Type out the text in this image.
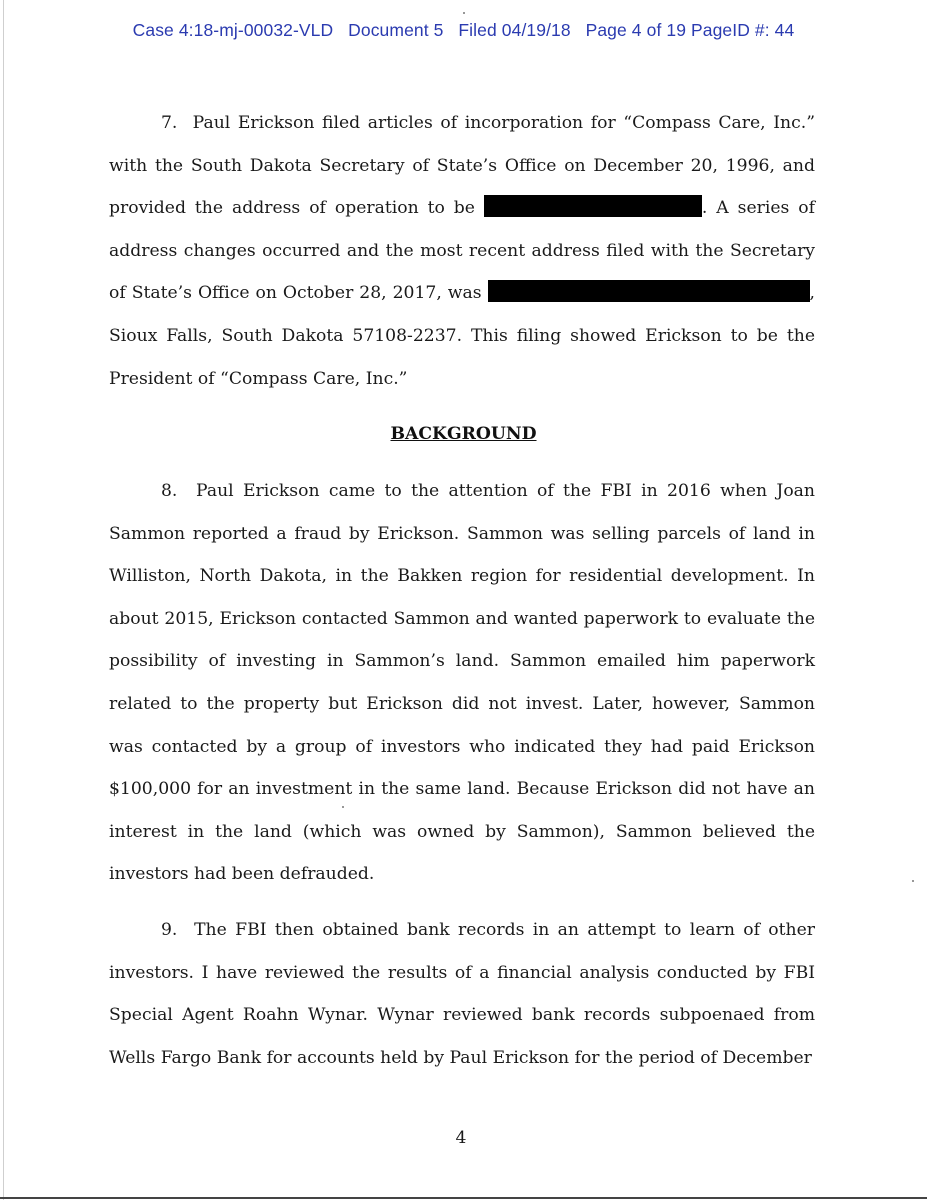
Case 4:18-mj-00032-VLD   Document 5   Filed 04/19/18   Page 4 of 19 PageID #: 44

7. Paul Erickson filed articles of incorporation for “Compass Care, Inc.” with the South Dakota Secretary of State’s Office on December 20, 1996, and provided the address of operation to be	. A series of address changes occurred and the most recent address filed with the Secretary of State’s Office on October 28, 2017, was	, Sioux Falls, South Dakota 57108-2237. This filing showed Erickson to be the President of “Compass Care, Inc.”

BACKGROUND

8. Paul Erickson came to the attention of the FBI in 2016 when Joan Sammon reported a fraud by Erickson. Sammon was selling parcels of land in Williston, North Dakota, in the Bakken region for residential development. In about 2015, Erickson contacted Sammon and wanted paperwork to evaluate the possibility of investing in Sammon’s land. Sammon emailed him paperwork related to the property but Erickson did not invest. Later, however, Sammon was contacted by a group of investors who indicated they had paid Erickson $100,000 for an investment in the same land. Because Erickson did not have an interest in the land (which was owned by Sammon), Sammon believed the investors had been defrauded.

9. The FBI then obtained bank records in an attempt to learn of other investors. I have reviewed the results of a financial analysis conducted by FBI Special Agent Roahn Wynar. Wynar reviewed bank records subpoenaed from Wells Fargo Bank for accounts held by Paul Erickson for the period of December

4
